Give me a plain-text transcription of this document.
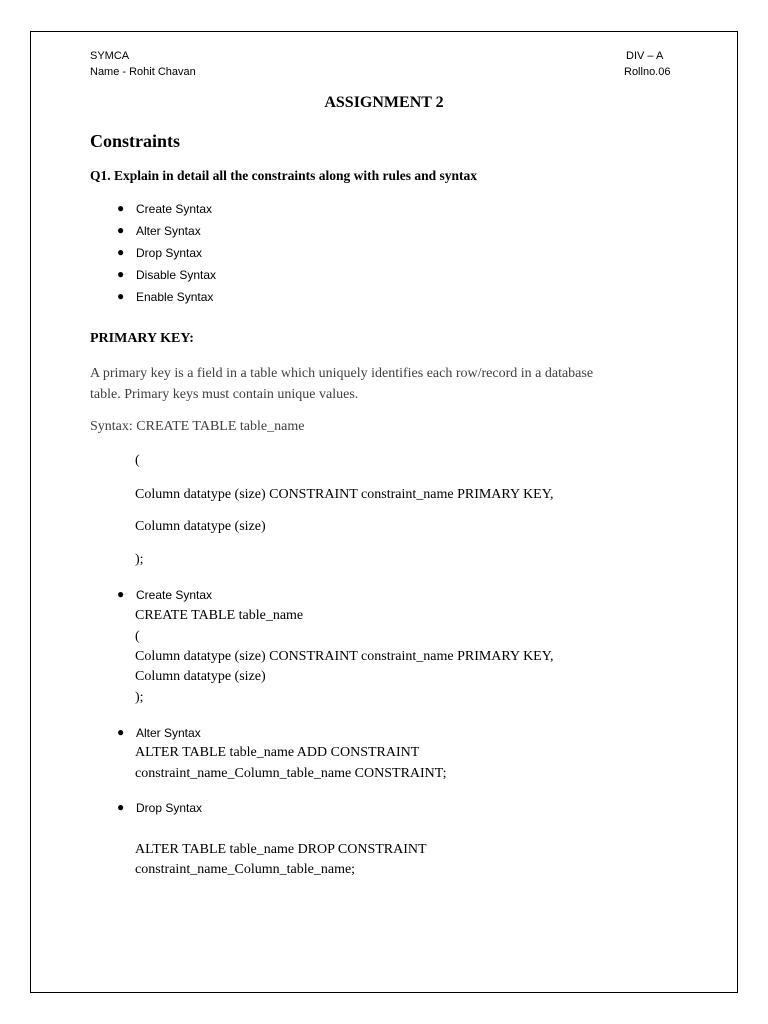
SYMCA
Name - Rohit Chavan
DIV – A
Rollno.06
ASSIGNMENT 2
Constraints
Q1. Explain in detail all the constraints along with rules and syntax
● Create Syntax
● Alter Syntax
● Drop Syntax
● Disable Syntax
● Enable Syntax
PRIMARY KEY:
A primary key is a field in a table which uniquely identifies each row/record in a database
table. Primary keys must contain unique values.
Syntax: CREATE TABLE table_name
(
Column datatype (size) CONSTRAINT constraint_name PRIMARY KEY,
Column datatype (size)
);
● Create Syntax
CREATE TABLE table_name
(
Column datatype (size) CONSTRAINT constraint_name PRIMARY KEY,
Column datatype (size)
);
● Alter Syntax
ALTER TABLE table_name ADD CONSTRAINT
constraint_name_Column_table_name CONSTRAINT;
● Drop Syntax
ALTER TABLE table_name DROP CONSTRAINT
constraint_name_Column_table_name;
